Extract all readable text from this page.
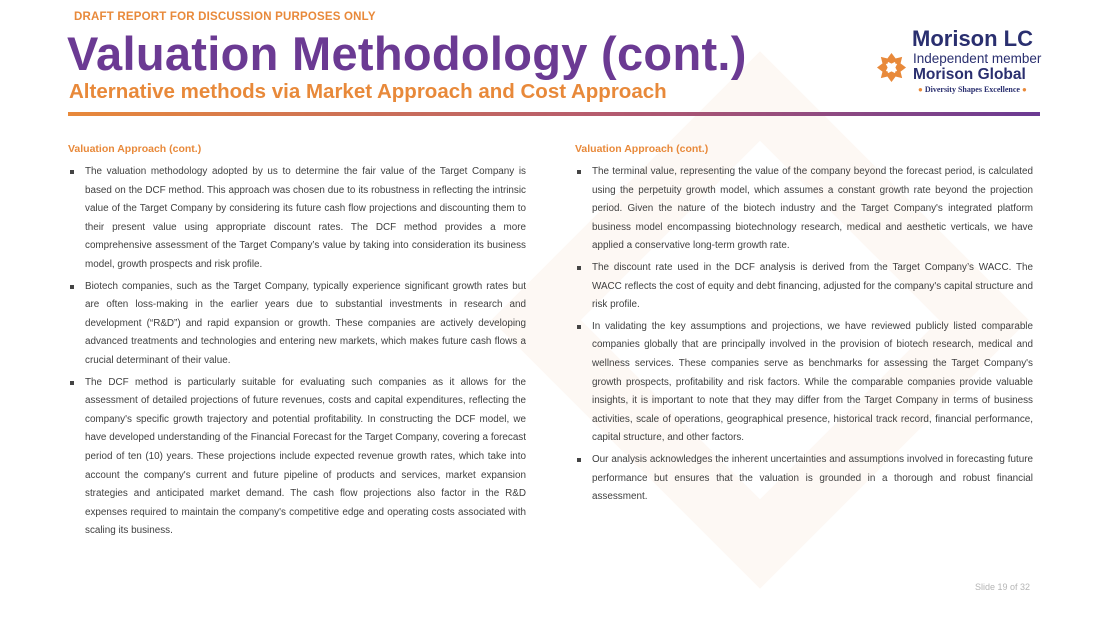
DRAFT REPORT FOR DISCUSSION PURPOSES ONLY
Valuation Methodology (cont.)
Alternative methods via Market Approach and Cost Approach
Morison LC
Independent member
Morison Global
● Diversity Shapes Excellence ●
Valuation Approach (cont.)
The valuation methodology adopted by us to determine the fair value of the Target Company is based on the DCF method. This approach was chosen due to its robustness in reflecting the intrinsic value of the Target Company by considering its future cash flow projections and discounting them to their present value using appropriate discount rates. The DCF method provides a more comprehensive assessment of the Target Company’s value by taking into consideration its business model, growth prospects and risk profile.
Biotech companies, such as the Target Company, typically experience significant growth rates but are often loss-making in the earlier years due to substantial investments in research and development (“R&D”) and rapid expansion or growth. These companies are actively developing advanced treatments and technologies and entering new markets, which makes future cash flows a crucial determinant of their value.
The DCF method is particularly suitable for evaluating such companies as it allows for the assessment of detailed projections of future revenues, costs and capital expenditures, reflecting the company's specific growth trajectory and potential profitability. In constructing the DCF model, we have developed understanding of the Financial Forecast for the Target Company, covering a forecast period of ten (10) years. These projections include expected revenue growth rates, which take into account the company's current and future pipeline of products and services, market expansion strategies and anticipated market demand. The cash flow projections also factor in the R&D expenses required to maintain the company's competitive edge and operating costs associated with scaling its business.
Valuation Approach (cont.)
The terminal value, representing the value of the company beyond the forecast period, is calculated using the perpetuity growth model, which assumes a constant growth rate beyond the projection period. Given the nature of the biotech industry and the Target Company's integrated platform business model encompassing biotechnology research, medical and aesthetic verticals, we have applied a conservative long-term growth rate.
The discount rate used in the DCF analysis is derived from the Target Company’s WACC. The WACC reflects the cost of equity and debt financing, adjusted for the company's capital structure and risk profile.
In validating the key assumptions and projections, we have reviewed publicly listed comparable companies globally that are principally involved in the provision of biotech research, medical and wellness services. These companies serve as benchmarks for assessing the Target Company's growth prospects, profitability and risk factors. While the comparable companies provide valuable insights, it is important to note that they may differ from the Target Company in terms of business activities, scale of operations, geographical presence, historical track record, financial performance, capital structure, and other factors.
Our analysis acknowledges the inherent uncertainties and assumptions involved in forecasting future performance but ensures that the valuation is grounded in a thorough and robust financial assessment.
Slide 19 of 32
